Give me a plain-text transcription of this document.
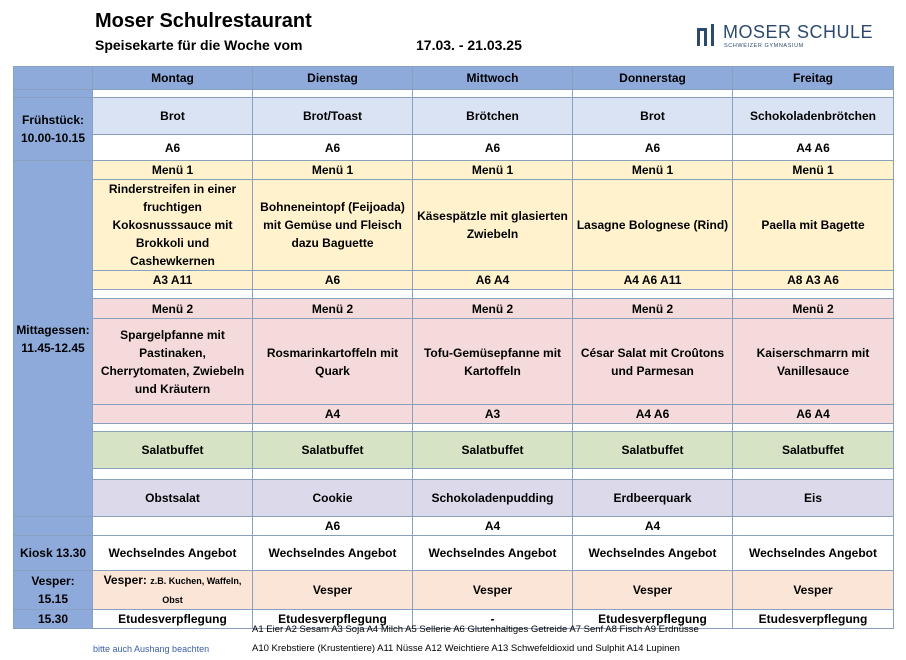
Moser Schulrestaurant
Speisekarte für die Woche vom	17.03. - 21.03.25
MOSER SCHULE
SCHWEIZER GYMNASIUM
	Montag	Dienstag	Mittwoch	Donnerstag	Freitag

Frühstück:
10.00-10.15	Brot	Brot/Toast	Brötchen	Brot	Schokoladenbrötchen
	A6	A6	A6	A6	A4 A6
Mittagessen:
11.45-12.45	Menü 1	Menü 1	Menü 1	Menü 1	Menü 1
	Rinderstreifen in einer fruchtigen Kokosnusssauce mit Brokkoli und Cashewkernen	Bohneneintopf (Feijoada) mit Gemüse und Fleisch dazu Baguette	Käsespätzle mit glasierten Zwiebeln	Lasagne Bolognese (Rind)	Paella mit Bagette
	A3 A11	A6	A6 A4	A4 A6 A11	A8 A3 A6

	Menü 2	Menü 2	Menü 2	Menü 2	Menü 2
	Spargelpfanne mit Pastinaken, Cherrytomaten, Zwiebeln und Kräutern	Rosmarinkartoffeln mit Quark	Tofu-Gemüsepfanne mit Kartoffeln	César Salat mit Croûtons und Parmesan	Kaiserschmarrn mit Vanillesauce
		A4	A3	A4 A6	A6 A4

	Salatbuffet	Salatbuffet	Salatbuffet	Salatbuffet	Salatbuffet

	Obstsalat	Cookie	Schokoladenpudding	Erdbeerquark	Eis
		A6	A4	A4	
Kiosk 13.30	Wechselndes Angebot	Wechselndes Angebot	Wechselndes Angebot	Wechselndes Angebot	Wechselndes Angebot
Vesper:
15.15	Vesper: z.B. Kuchen, Waffeln, Obst	Vesper	Vesper	Vesper	Vesper
15.30	Etudesverpflegung	Etudesverpflegung	-	Etudesverpflegung	Etudesverpflegung
A1 Eier A2 Sesam A3 Soja A4 Milch A5 Sellerie A6 Glutenhaltiges Getreide A7 Senf A8 Fisch A9 Erdnüsse
A10 Krebstiere (Krustentiere) A11 Nüsse A12 Weichtiere A13 Schwefeldioxid und Sulphit A14 Lupinen
bitte auch Aushang beachten
